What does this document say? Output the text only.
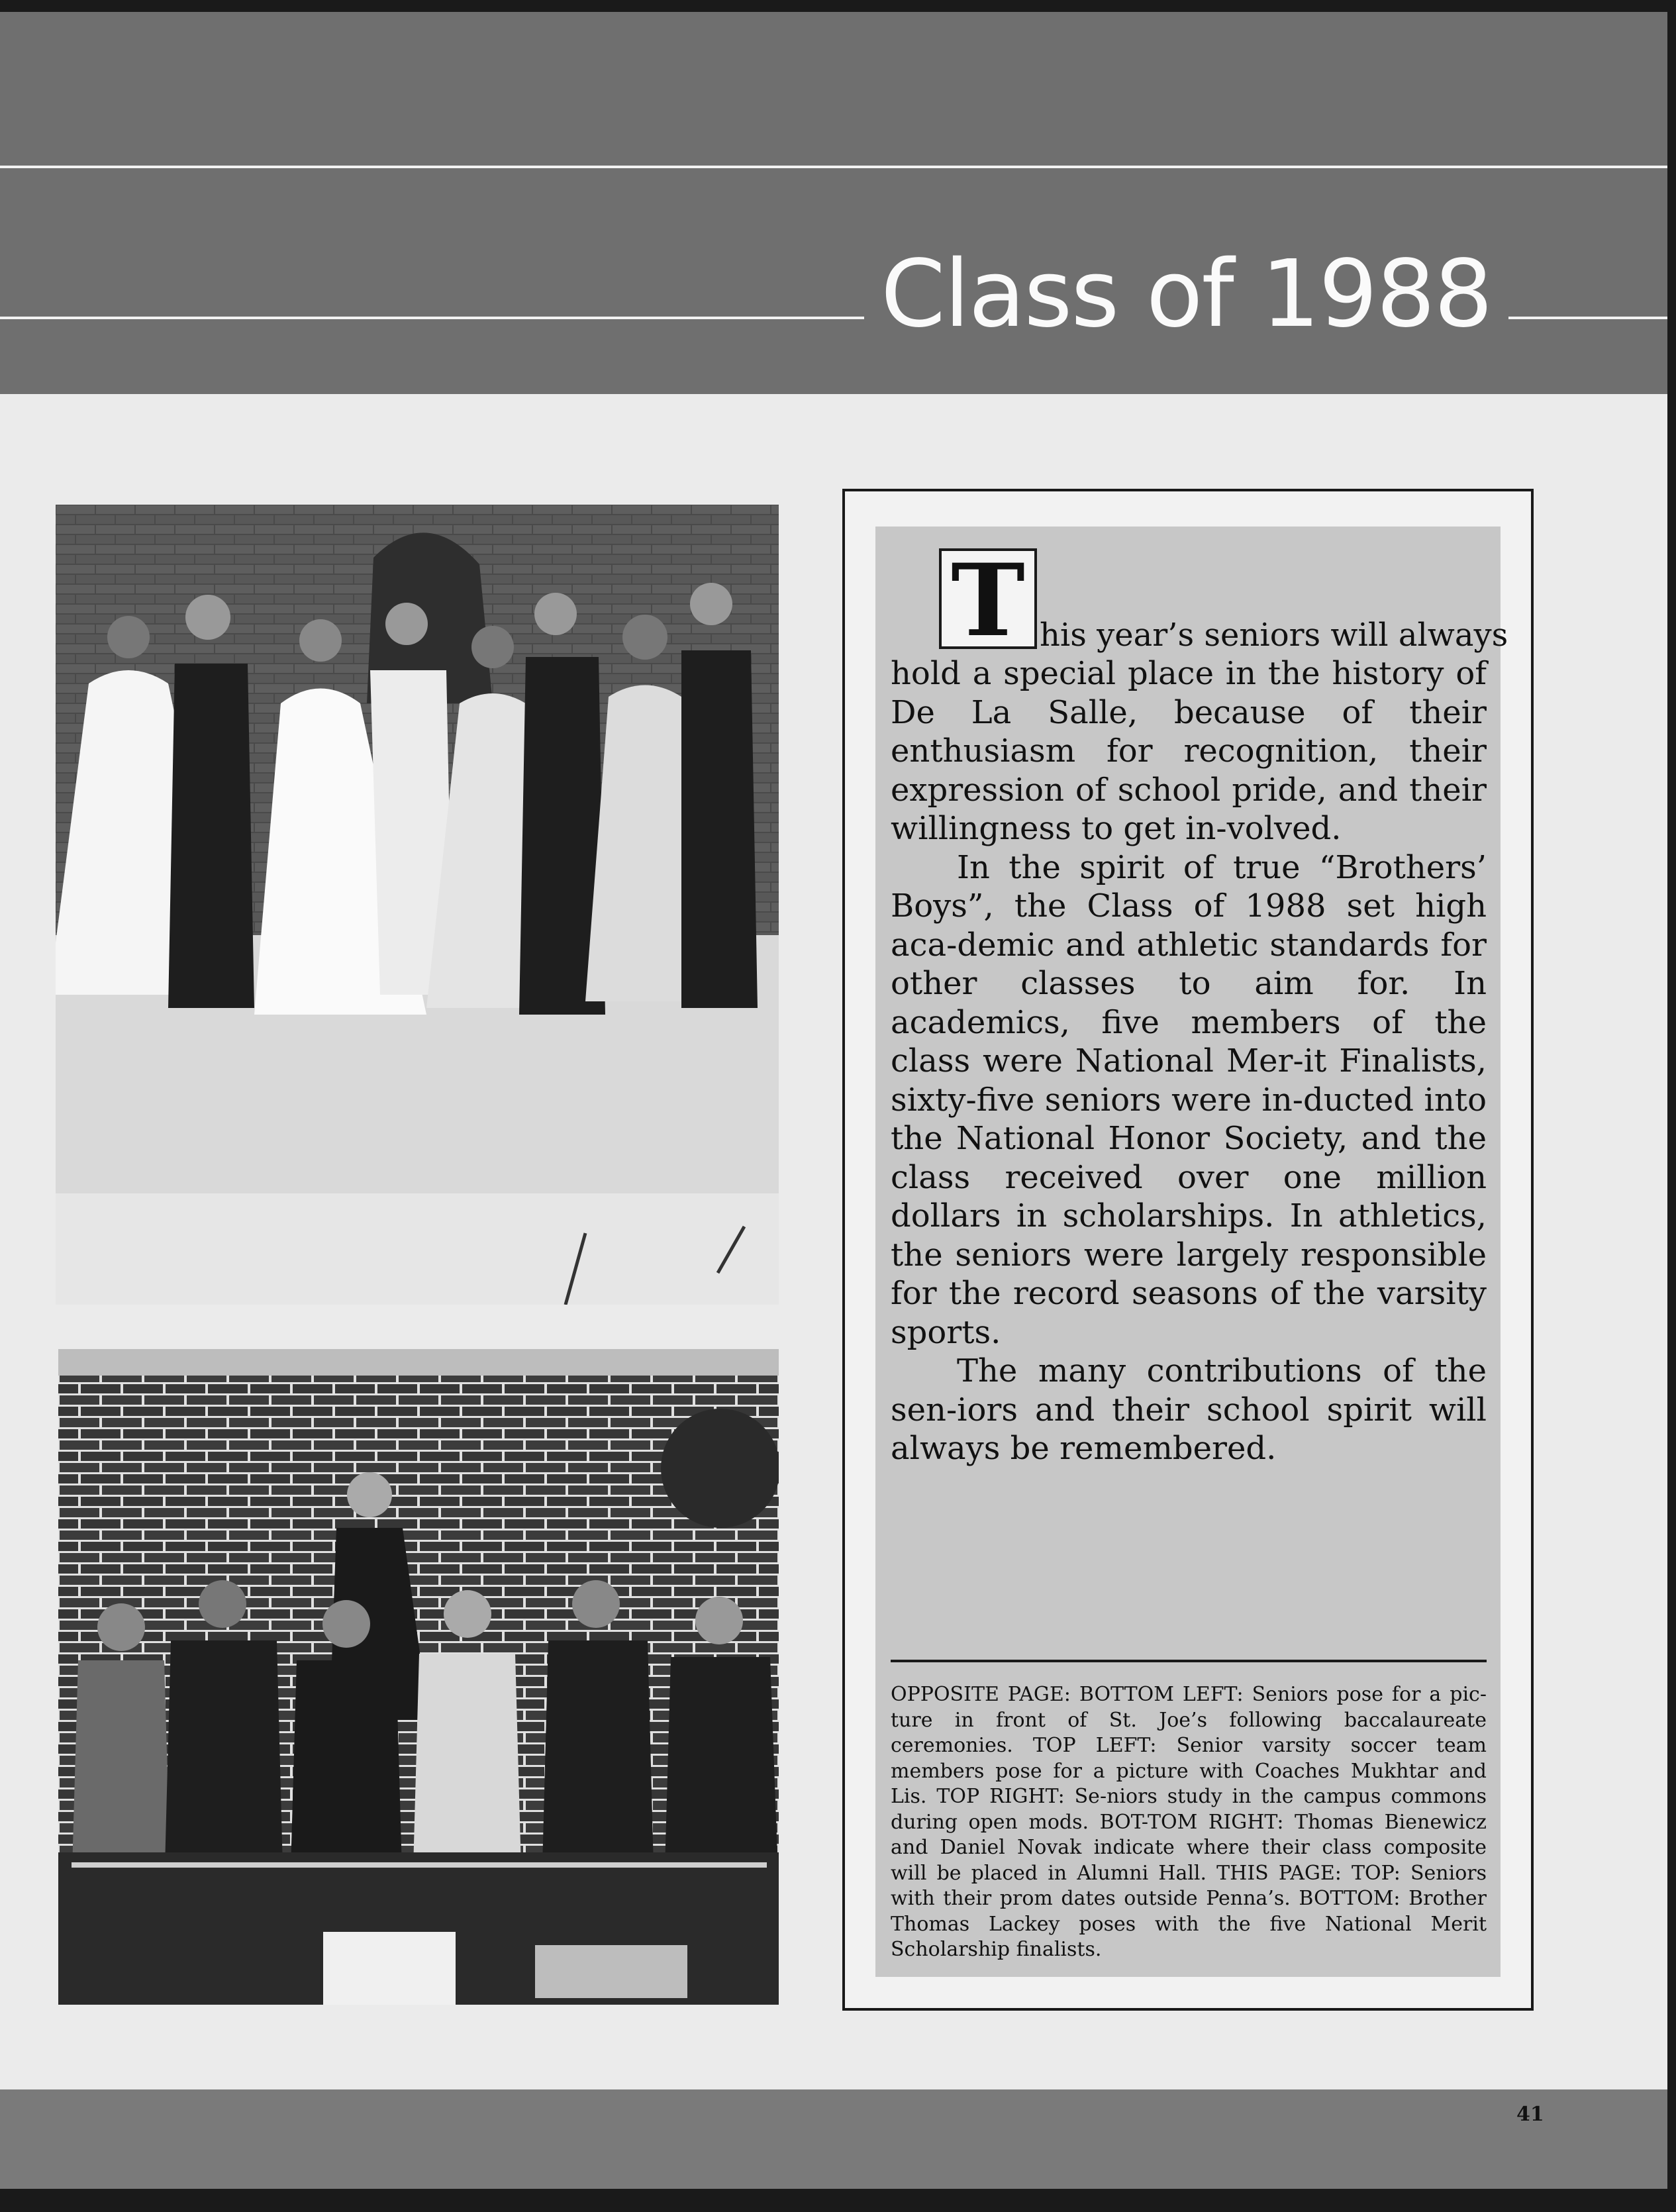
Class of 1988
T his year’s seniors will always

hold a special place in the history of De La Salle, because of their enthusiasm for recognition, their expression of school pride, and their willingness to get in-volved.

In the spirit of true “Brothers’ Boys”, the Class of 1988 set high aca-demic and athletic standards for other classes to aim for. In academics, five members of the class were National Mer-it Finalists, sixty-five seniors were in-ducted into the National Honor Society, and the class received over one million dollars in scholarships. In athletics, the seniors were largely responsible for the record seasons of the varsity sports.

The many contributions of the sen-iors and their school spirit will always be remembered.

OPPOSITE PAGE: BOTTOM LEFT: Seniors pose for a pic-ture in front of St. Joe’s following baccalaureate ceremonies. TOP LEFT: Senior varsity soccer team members pose for a picture with Coaches Mukhtar and Lis. TOP RIGHT: Se-niors study in the campus commons during open mods. BOT-TOM RIGHT: Thomas Bienewicz and Daniel Novak indicate where their class composite will be placed in Alumni Hall. THIS PAGE: TOP: Seniors with their prom dates outside Penna’s. BOTTOM: Brother Thomas Lackey poses with the five National Merit Scholarship finalists.
41
